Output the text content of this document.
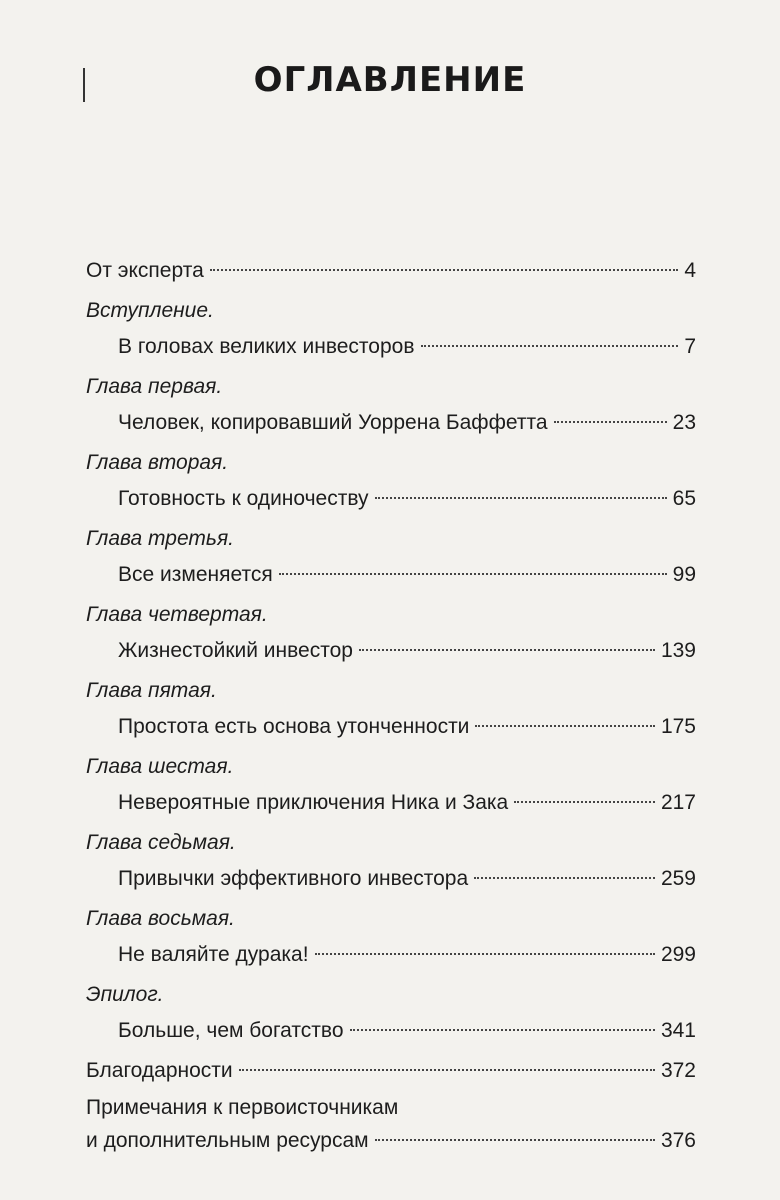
ОГЛАВЛЕНИЕ
От эксперта	4
Вступление.
В головах великих инвесторов	7
Глава первая.
Человек, копировавший Уоррена Баффетта	23
Глава вторая.
Готовность к одиночеству	65
Глава третья.
Все изменяется	99
Глава четвертая.
Жизнестойкий инвестор	139
Глава пятая.
Простота есть основа утонченности	175
Глава шестая.
Невероятные приключения Ника и Зака	217
Глава седьмая.
Привычки эффективного инвестора	259
Глава восьмая.
Не валяйте дурака!	299
Эпилог.
Больше, чем богатство	341
Благодарности	372
Примечания к первоисточникам
и дополнительным ресурсам	376
